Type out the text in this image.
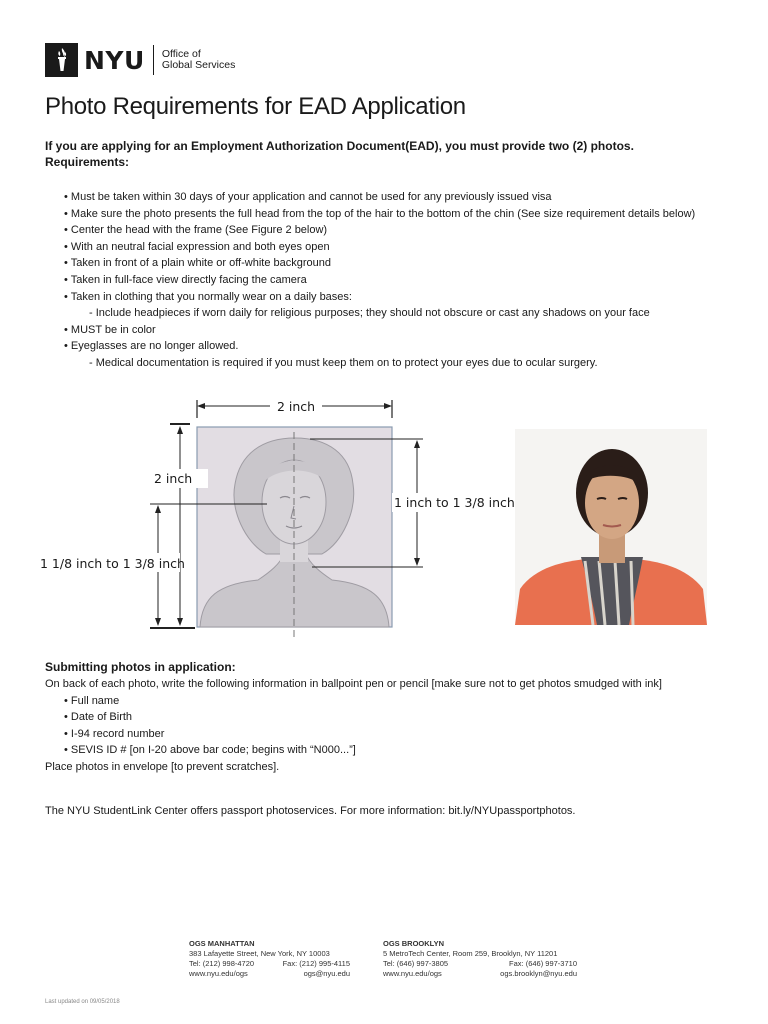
NYU Office of
Global Services
Photo Requirements for EAD Application
If you are applying for an Employment Authorization Document(EAD), you must provide two (2) photos.
Requirements:
• Must be taken within 30 days of your application and cannot be used for any previously issued visa
• Make sure the photo presents the full head from the top of the hair to the bottom of the chin (See size requirement details below)
• Center the head with the frame (See Figure 2 below)
• With an neutral facial expression and both eyes open
• Taken in front of a plain white or off-white background
• Taken in full-face view directly facing the camera
• Taken in clothing that you normally wear on a daily bases:
- Include headpieces if worn daily for religious purposes; they should not obscure or cast any shadows on your face
• MUST be in color
• Eyeglasses are no longer allowed.
- Medical documentation is required if you must keep them on to protect your eyes due to ocular surgery.
2 inch
2 inch
1 inch to 1 3/8 inch
1 1/8 inch to 1 3/8 inch
Submitting photos in application:
On back of each photo, write the following information in ballpoint pen or pencil [make sure not to get photos smudged with ink]
• Full name
• Date of Birth
• I-94 record number
• SEVIS ID # [on I-20 above bar code; begins with “N000...”]
Place photos in envelope [to prevent scratches].
The NYU StudentLink Center offers passport photoservices. For more information: bit.ly/NYUpassportphotos.
OGS MANHATTAN
383 Lafayette Street, New York, NY 10003
Tel: (212) 998-4720	Fax: (212) 995-4115
www.nyu.edu/ogs	ogs@nyu.edu
OGS BROOKLYN
5 MetroTech Center, Room 259, Brooklyn, NY 11201
Tel: (646) 997-3805	Fax: (646) 997-3710
www.nyu.edu/ogs	ogs.brooklyn@nyu.edu
Last updated on 09/05/2018
